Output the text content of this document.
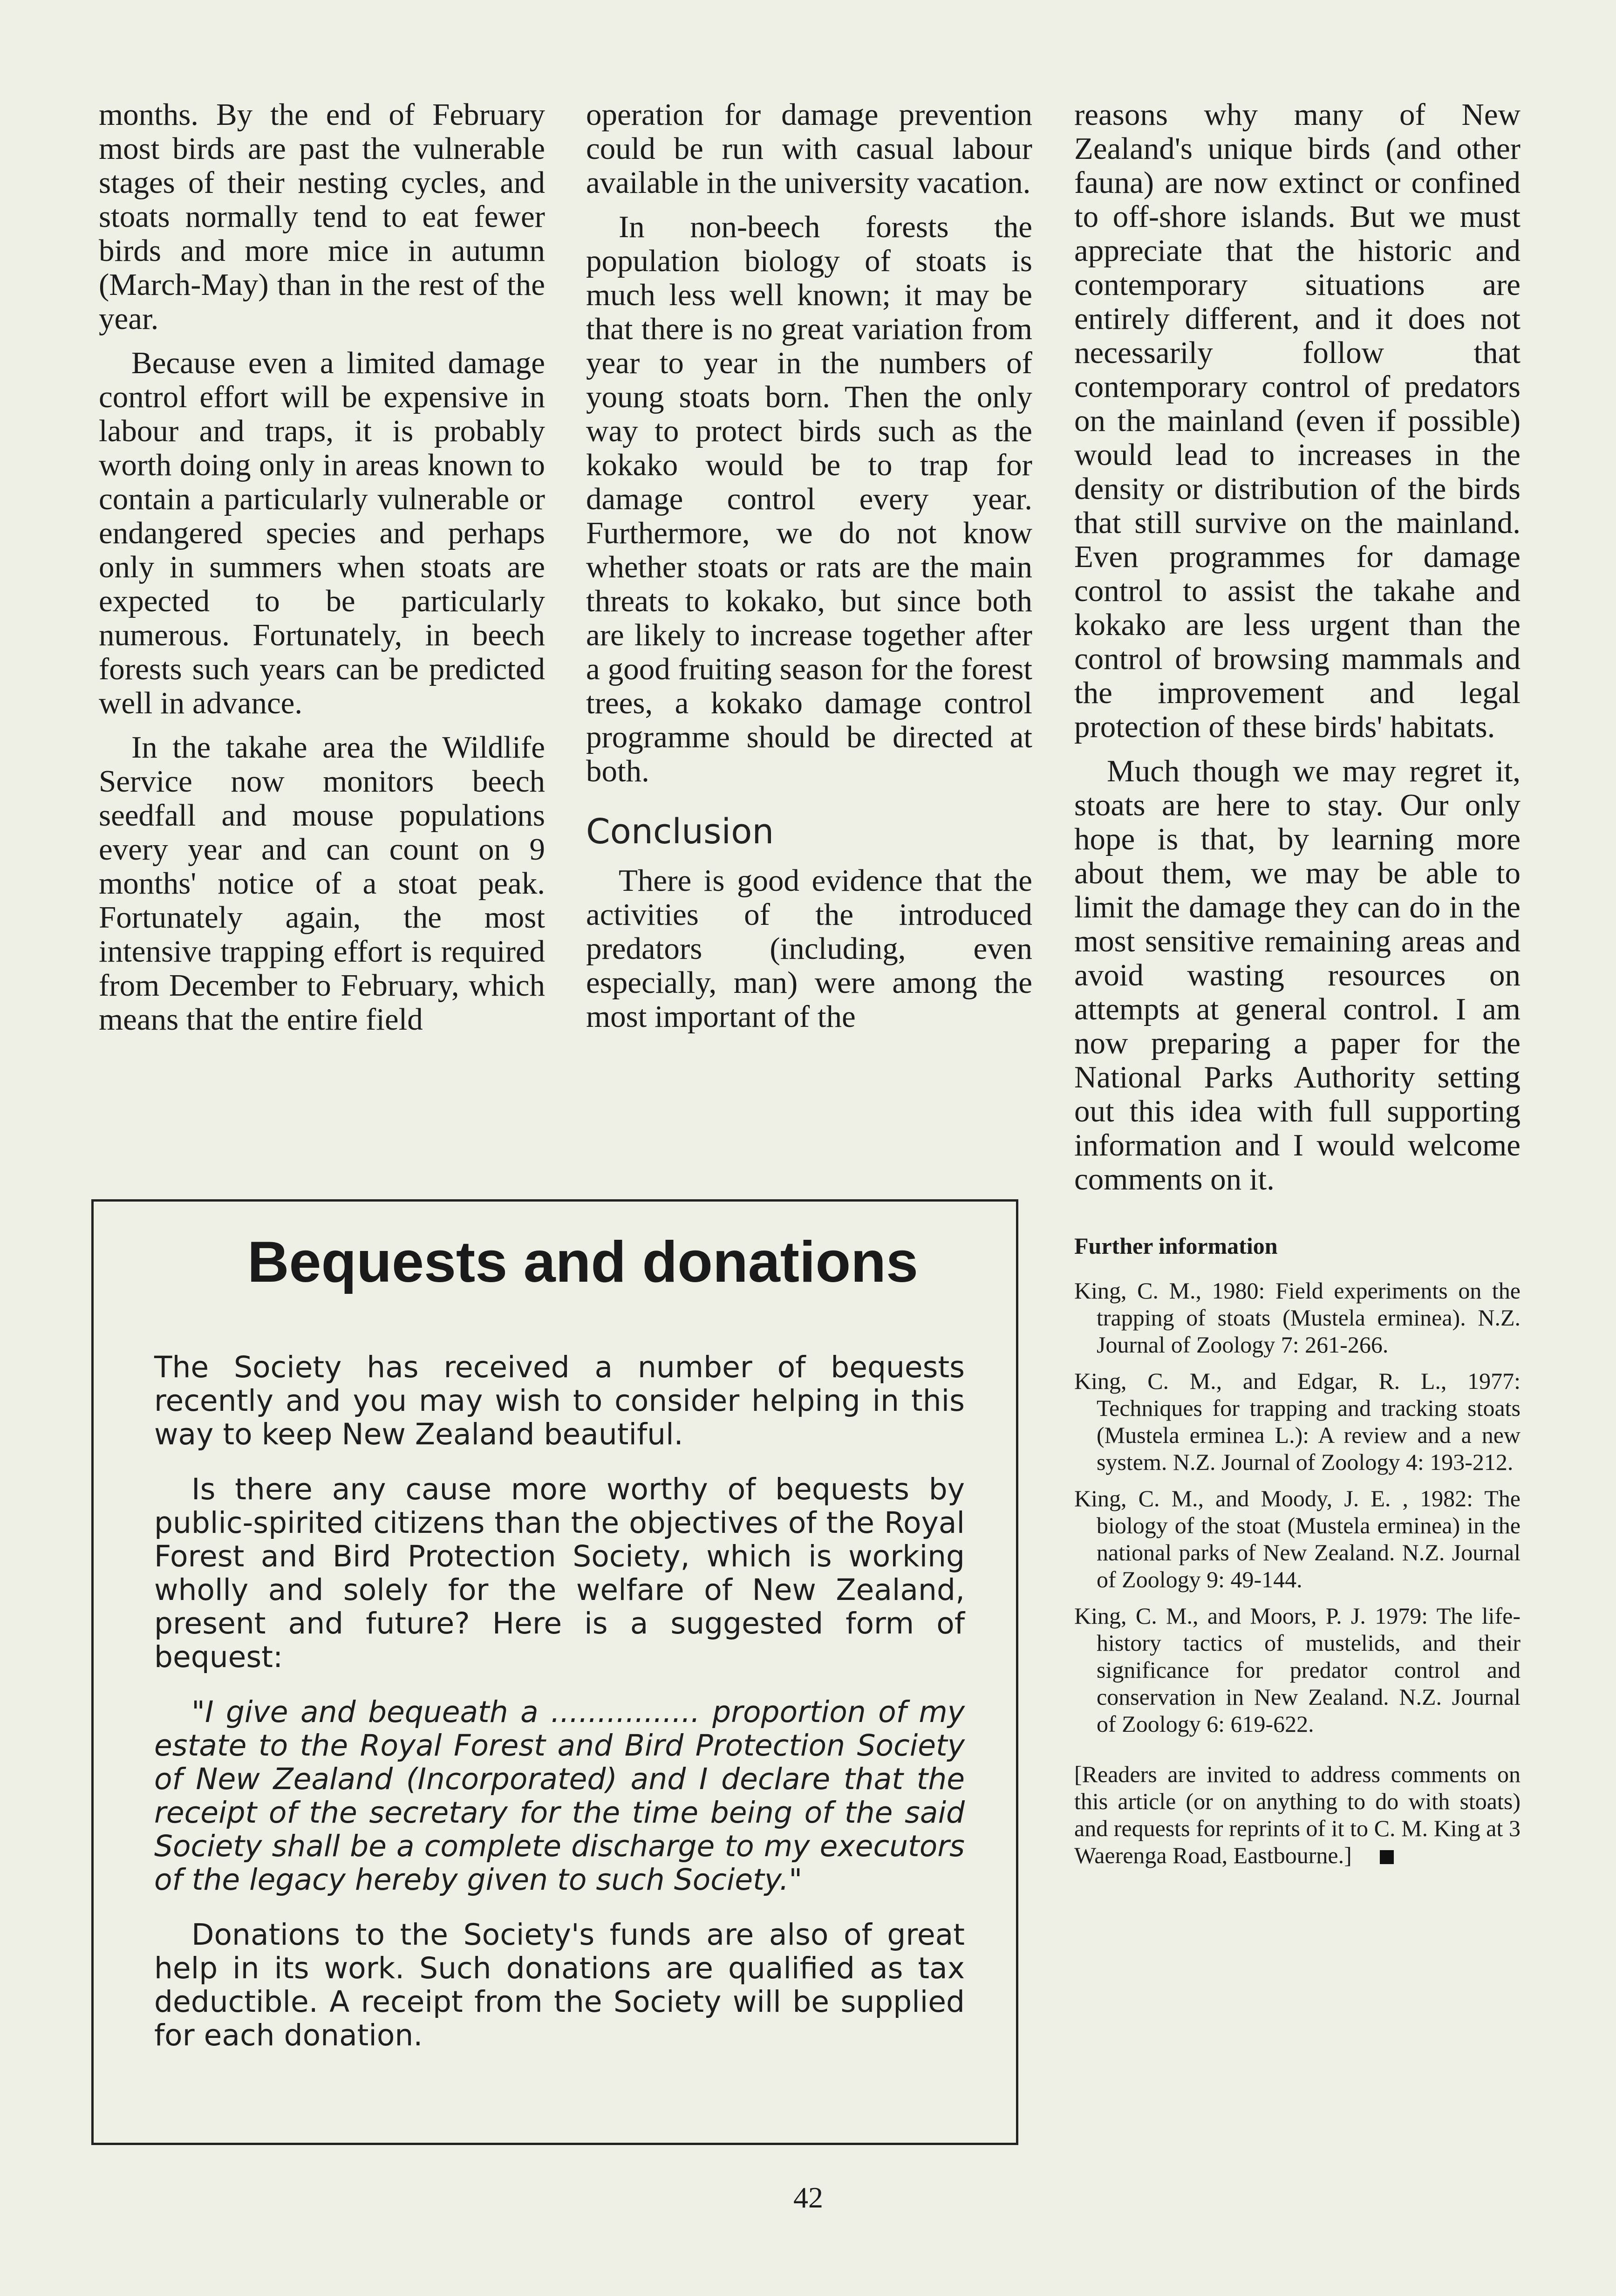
months. By the end of February most birds are past the vulnerable stages of their nesting cycles, and stoats normally tend to eat fewer birds and more mice in autumn (March-May) than in the rest of the year.

Because even a limited damage control effort will be expensive in labour and traps, it is probably worth doing only in areas known to contain a particularly vulnerable or endangered species and perhaps only in summers when stoats are expected to be particularly numerous. Fortunately, in beech forests such years can be predicted well in advance.

In the takahe area the Wildlife Service now monitors beech seedfall and mouse populations every year and can count on 9 months' notice of a stoat peak. Fortunately again, the most intensive trapping effort is required from December to February, which means that the entire field

operation for damage prevention could be run with casual labour available in the university vacation.

In non-beech forests the population biology of stoats is much less well known; it may be that there is no great variation from year to year in the numbers of young stoats born. Then the only way to protect birds such as the kokako would be to trap for damage control every year. Furthermore, we do not know whether stoats or rats are the main threats to kokako, but since both are likely to increase together after a good fruiting season for the forest trees, a kokako damage control programme should be directed at both.

Conclusion

There is good evidence that the activities of the introduced predators (including, even especially, man) were among the most important of the

reasons why many of New Zealand's unique birds (and other fauna) are now extinct or confined to off-shore islands. But we must appreciate that the historic and contemporary situations are entirely different, and it does not necessarily follow that contemporary control of predators on the mainland (even if possible) would lead to increases in the density or distribution of the birds that still survive on the mainland. Even programmes for damage control to assist the takahe and kokako are less urgent than the control of browsing mammals and the improvement and legal protection of these birds' habitats.

Much though we may regret it, stoats are here to stay. Our only hope is that, by learning more about them, we may be able to limit the damage they can do in the most sensitive remaining areas and avoid wasting resources on attempts at general control. I am now preparing a paper for the National Parks Authority setting out this idea with full supporting information and I would welcome comments on it.

Further information
King, C. M., 1980: Field experiments on the trapping of stoats (Mustela erminea). N.Z. Journal of Zoology 7: 261-266.
King, C. M., and Edgar, R. L., 1977: Techniques for trapping and tracking stoats (Mustela erminea L.): A review and a new system. N.Z. Journal of Zoology 4: 193-212.
King, C. M., and Moody, J. E. , 1982: The biology of the stoat (Mustela erminea) in the national parks of New Zealand. N.Z. Journal of Zoology 9: 49-144.
King, C. M., and Moors, P. J. 1979: The life-history tactics of mustelids, and their significance for predator control and conservation in New Zealand. N.Z. Journal of Zoology 6: 619-622.
[Readers are invited to address comments on this article (or on anything to do with stoats) and requests for reprints of it to C. M. King at 3 Waerenga Road, Eastbourne.]
Bequests and donations

The Society has received a number of bequests recently and you may wish to consider helping in this way to keep New Zealand beautiful.

Is there any cause more worthy of bequests by public-spirited citizens than the objectives of the Royal Forest and Bird Protection Society, which is working wholly and solely for the welfare of New Zealand, present and future? Here is a suggested form of bequest:

"I give and bequeath a ................ proportion of my estate to the Royal Forest and Bird Protection Society of New Zealand (Incorporated) and I declare that the receipt of the secretary for the time being of the said Society shall be a complete discharge to my executors of the legacy hereby given to such Society."

Donations to the Society's funds are also of great help in its work. Such donations are qualified as tax deductible. A receipt from the Society will be supplied for each donation.

42
